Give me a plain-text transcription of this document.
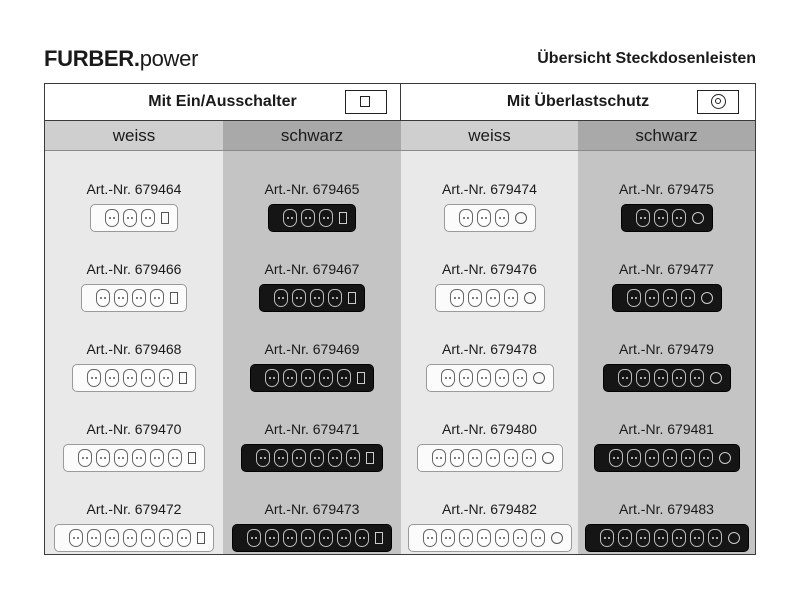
FURBER.power	Übersicht Steckdosenleisten
Mit Ein/Ausschalter
weiss
Art.-Nr. 679464
Art.-Nr. 679466
Art.-Nr. 679468
Art.-Nr. 679470
Art.-Nr. 679472
schwarz
Art.-Nr. 679465
Art.-Nr. 679467
Art.-Nr. 679469
Art.-Nr. 679471
Art.-Nr. 679473
Mit Überlastschutz
weiss
Art.-Nr. 679474
Art.-Nr. 679476
Art.-Nr. 679478
Art.-Nr. 679480
Art.-Nr. 679482
schwarz
Art.-Nr. 679475
Art.-Nr. 679477
Art.-Nr. 679479
Art.-Nr. 679481
Art.-Nr. 679483
